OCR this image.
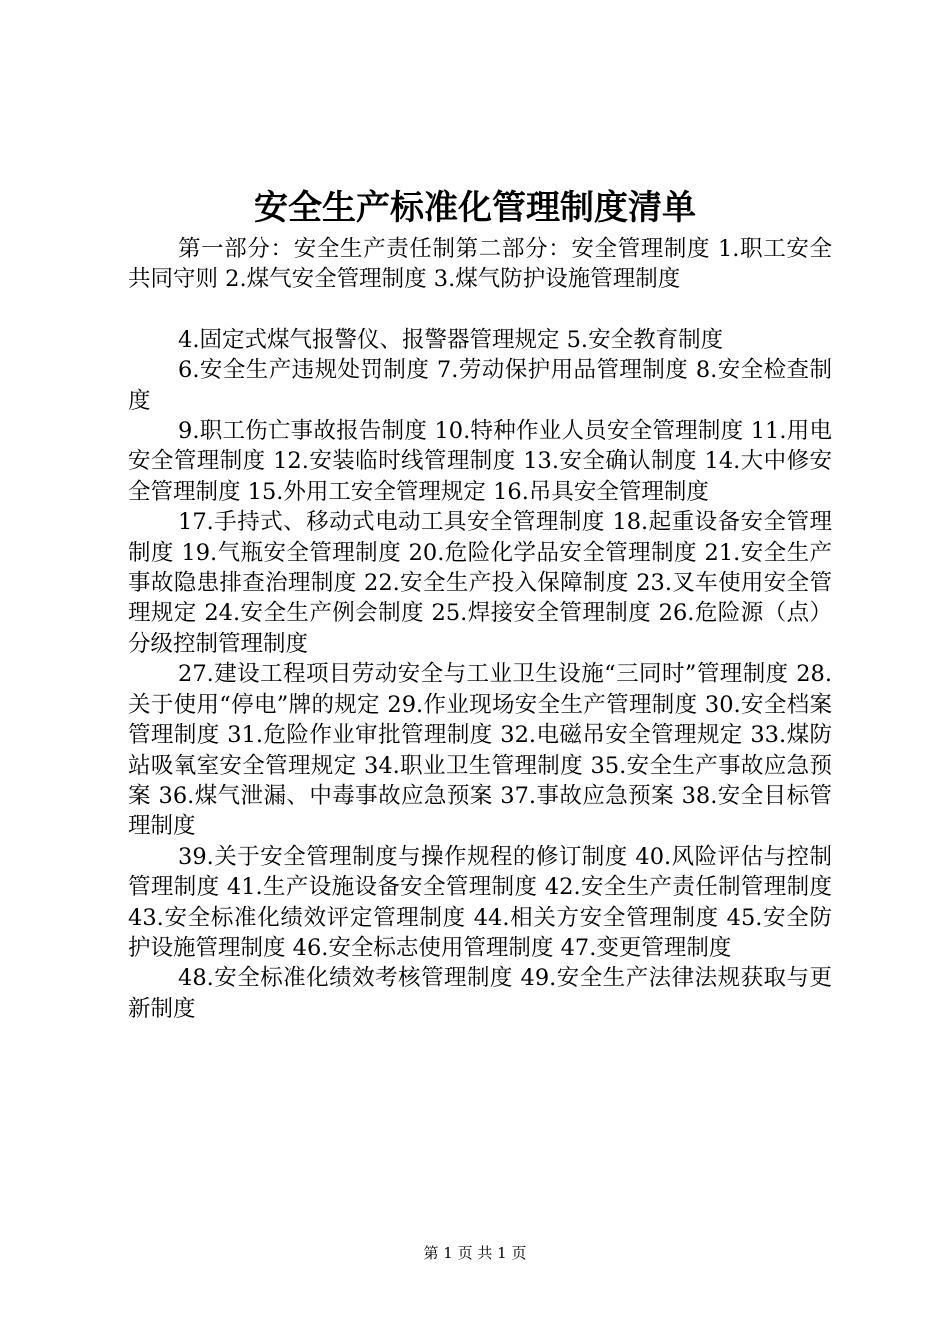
安全生产标准化管理制度清单

第一部分：安全生产责任制第二部分：安全管理制度 1.职工安全共同守则 2.煤气安全管理制度 3.煤气防护设施管理制度

4.固定式煤气报警仪、报警器管理规定 5.安全教育制度

6.安全生产违规处罚制度 7.劳动保护用品管理制度 8.安全检查制度

9.职工伤亡事故报告制度 10.特种作业人员安全管理制度 11.用电安全管理制度 12.安装临时线管理制度 13.安全确认制度 14.大中修安全管理制度 15.外用工安全管理规定 16.吊具安全管理制度

17.手持式、移动式电动工具安全管理制度 18.起重设备安全管理制度 19.气瓶安全管理制度 20.危险化学品安全管理制度 21.安全生产事故隐患排查治理制度 22.安全生产投入保障制度 23.叉车使用安全管理规定 24.安全生产例会制度 25.焊接安全管理制度 26.危险源（点）分级控制管理制度

27.建设工程项目劳动安全与工业卫生设施“三同时”管理制度 28.关于使用“停电”牌的规定 29.作业现场安全生产管理制度 30.安全档案管理制度 31.危险作业审批管理制度 32.电磁吊安全管理规定 33.煤防站吸氧室安全管理规定 34.职业卫生管理制度 35.安全生产事故应急预案 36.煤气泄漏、中毒事故应急预案 37.事故应急预案 38.安全目标管理制度

39.关于安全管理制度与操作规程的修订制度 40.风险评估与控制管理制度 41.生产设施设备安全管理制度 42.安全生产责任制管理制度 43.安全标准化绩效评定管理制度 44.相关方安全管理制度 45.安全防护设施管理制度 46.安全标志使用管理制度 47.变更管理制度

48.安全标准化绩效考核管理制度 49.安全生产法律法规获取与更新制度

第 1 页 共 1 页
